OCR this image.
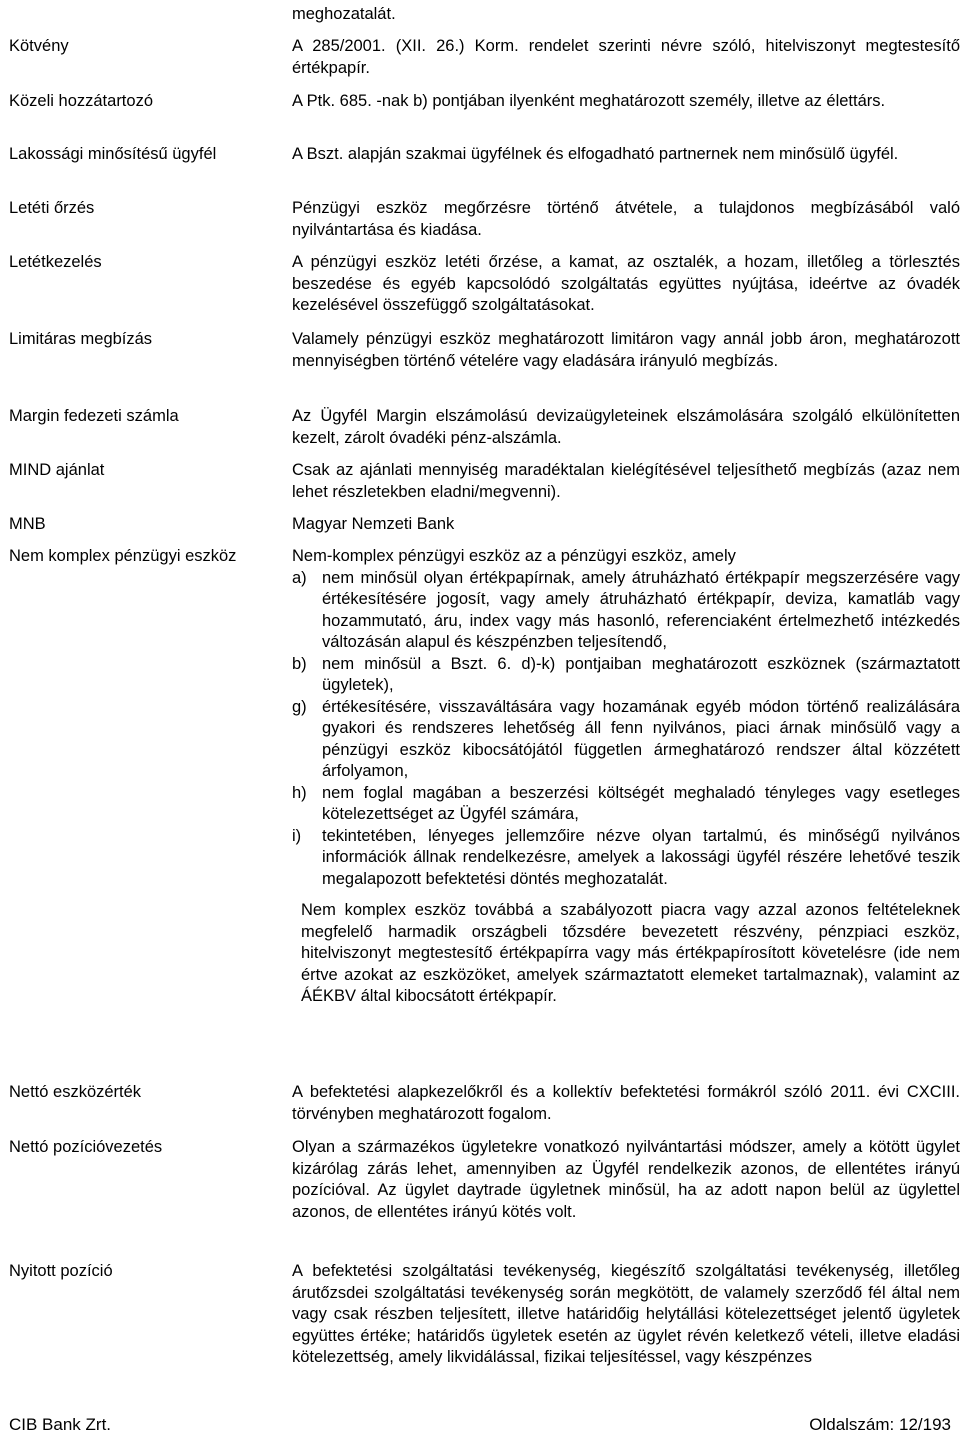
meghozatalát.
Kötvény	A 285/2001. (XII. 26.) Korm. rendelet szerinti névre szóló, hitelviszonyt megtestesítő értékpapír.
Közeli hozzátartozó	A Ptk. 685. -nak b) pontjában ilyenként meghatározott személy, illetve az élettárs.
Lakossági minősítésű ügyfél	A Bszt. alapján szakmai ügyfélnek és elfogadható partnernek nem minősülő ügyfél.
Letéti őrzés	Pénzügyi eszköz megőrzésre történő átvétele, a tulajdonos megbízásából való nyilvántartása és kiadása.
Letétkezelés	A pénzügyi eszköz letéti őrzése, a kamat, az osztalék, a hozam, illetőleg a törlesztés beszedése és egyéb kapcsolódó szolgáltatás együttes nyújtása, ideértve az óvadék kezelésével összefüggő szolgáltatásokat.
Limitáras megbízás	Valamely pénzügyi eszköz meghatározott limitáron vagy annál jobb áron, meghatározott mennyiségben történő vételére vagy eladására irányuló megbízás.
Margin fedezeti számla	Az Ügyfél Margin elszámolású devizaügyleteinek elszámolására szolgáló elkülönítetten kezelt, zárolt óvadéki pénz-alszámla.
MIND ajánlat	Csak az ajánlati mennyiség maradéktalan kielégítésével teljesíthető megbízás (azaz nem lehet részletekben eladni/megvenni).
MNB	Magyar Nemzeti Bank
Nem komplex pénzügyi eszköz	Nem-komplex pénzügyi eszköz az a pénzügyi eszköz, amely
a) nem minősül olyan értékpapírnak, amely átruházható értékpapír megszerzésére vagy értékesítésére jogosít, vagy amely átruházható értékpapír, deviza, kamatláb vagy hozammutató, áru, index vagy más hasonló, referenciaként értelmezhető intézkedés változásán alapul és készpénzben teljesítendő,
b) nem minősül a Bszt. 6. d)-k) pontjaiban meghatározott eszköznek (származtatott ügyletek),
g) értékesítésére, visszaváltására vagy hozamának egyéb módon történő realizálására gyakori és rendszeres lehetőség áll fenn nyilvános, piaci árnak minősülő vagy a pénzügyi eszköz kibocsátójától független ármeghatározó rendszer által közzétett árfolyamon,
h) nem foglal magában a beszerzési költségét meghaladó tényleges vagy esetleges kötelezettséget az Ügyfél számára,
i) tekintetében, lényeges jellemzőire nézve olyan tartalmú, és minőségű nyilvános információk állnak rendelkezésre, amelyek a lakossági ügyfél részére lehetővé teszik megalapozott befektetési döntés meghozatalát.
Nem komplex eszköz továbbá a szabályozott piacra vagy azzal azonos feltételeknek megfelelő harmadik országbeli tőzsdére bevezetett részvény, pénzpiaci eszköz, hitelviszonyt megtestesítő értékpapírra vagy más értékpapírosított követelésre (ide nem értve azokat az eszközöket, amelyek származtatott elemeket tartalmaznak), valamint az ÁÉKBV által kibocsátott értékpapír.
Nettó eszközérték	A befektetési alapkezelőkről és a kollektív befektetési formákról szóló 2011. évi CXCIII. törvényben meghatározott fogalom.
Nettó pozícióvezetés	Olyan a származékos ügyletekre vonatkozó nyilvántartási módszer, amely a kötött ügylet kizárólag zárás lehet, amennyiben az Ügyfél rendelkezik azonos, de ellentétes irányú pozícióval. Az ügylet daytrade ügyletnek minősül, ha az adott napon belül az ügylettel azonos, de ellentétes irányú kötés volt.
Nyitott pozíció	A befektetési szolgáltatási tevékenység, kiegészítő szolgáltatási tevékenység, illetőleg árutőzsdei szolgáltatási tevékenység során megkötött, de valamely szerződő fél által nem vagy csak részben teljesített, illetve határidőig helytállási kötelezettséget jelentő ügyletek együttes értéke; határidős ügyletek esetén az ügylet révén keletkező vételi, illetve eladási kötelezettség, amely likvidálással, fizikai teljesítéssel, vagy készpénzes
CIB Bank Zrt.	Oldalszám: 12/193
